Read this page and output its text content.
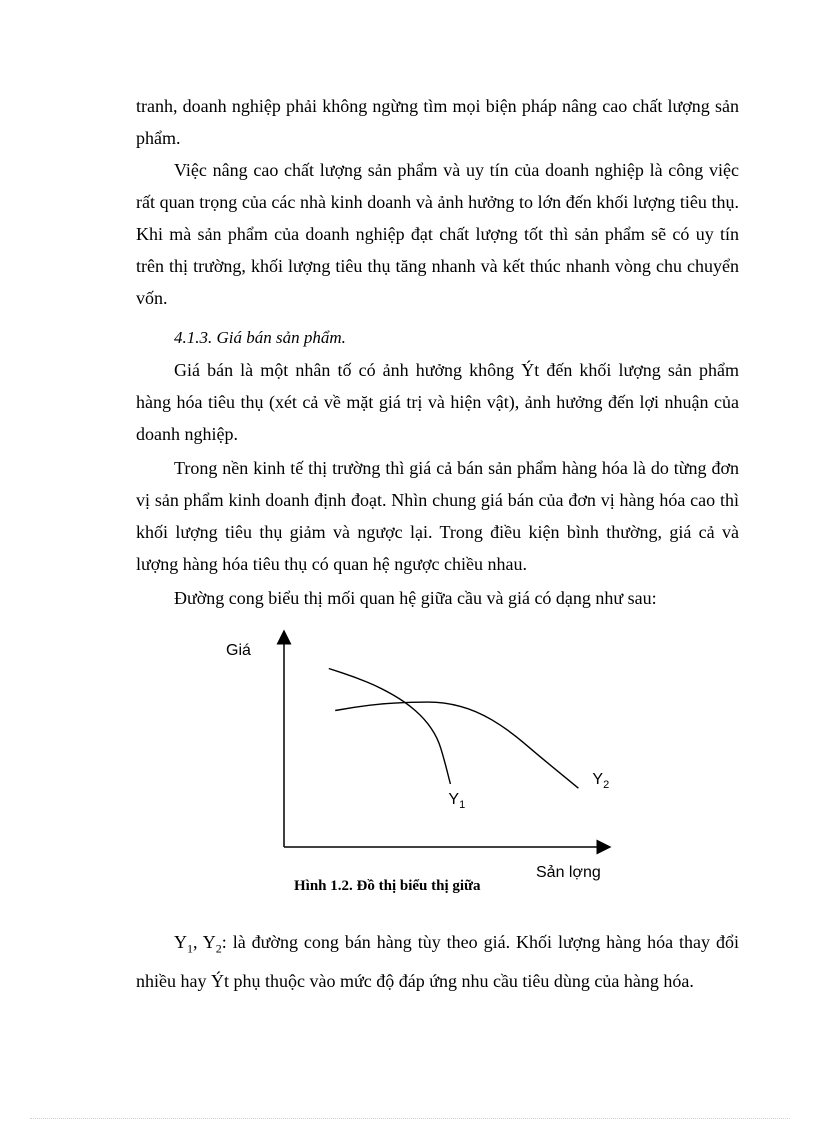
tranh, doanh nghiệp phải không ngừng tìm mọi biện pháp nâng cao chất lượng sản phẩm.

Việc nâng cao chất lượng sản phẩm và uy tín của doanh nghiệp là công việc rất quan trọng của các nhà kinh doanh và ảnh hưởng to lớn đến khối lượng tiêu thụ. Khi mà sản phẩm của doanh nghiệp đạt chất lượng tốt thì sản phẩm sẽ có uy tín trên thị trường, khối lượng tiêu thụ tăng nhanh và kết thúc nhanh vòng chu chuyển vốn.

4.1.3. Giá bán sản phẩm.

Giá bán là một nhân tố có ảnh hưởng không Ýt đến khối lượng sản phẩm hàng hóa tiêu thụ (xét cả về mặt giá trị và hiện vật), ảnh hưởng đến lợi nhuận của doanh nghiệp.

Trong nền kinh tế thị trường thì giá cả bán sản phẩm hàng hóa là do từng đơn vị sản phẩm kinh doanh định đoạt. Nhìn chung giá bán của đơn vị hàng hóa cao thì khối lượng tiêu thụ giảm và ngược lại. Trong điều kiện bình thường, giá cả và lượng hàng hóa tiêu thụ có quan hệ ngược chiều nhau.

Đường cong biểu thị mối quan hệ giữa cầu và giá có dạng như sau:

Giá
Sản lợng
Hình 1.2. Đồ thị biểu thị giữa
$Y_1$
$Y_2$

$Y_1$, $Y_2$: là đường cong bán hàng tùy theo giá. Khối lượng hàng hóa thay đổi nhiều hay Ýt phụ thuộc vào mức độ đáp ứng nhu cầu tiêu dùng của hàng hóa.
